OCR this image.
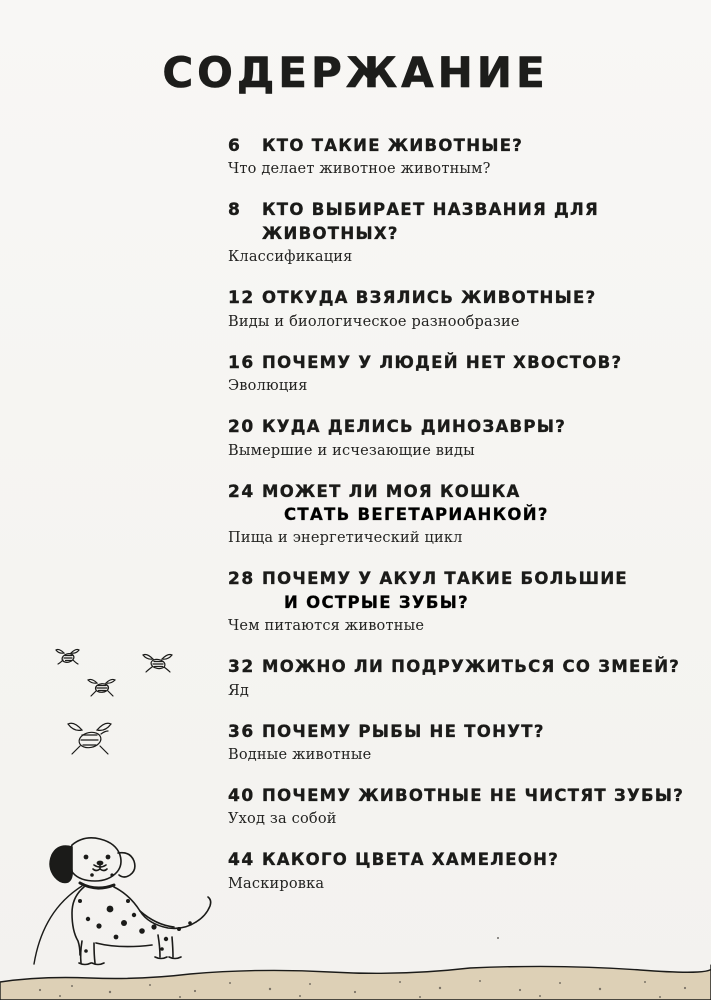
СОДЕРЖАНИЕ
6	КТО ТАКИЕ ЖИВОТНЫЕ?
Что делает животное животным?
8	КТО ВЫБИРАЕТ НАЗВАНИЯ ДЛЯ ЖИВОТНЫХ?
Классификация
12 ОТКУДА ВЗЯЛИСЬ ЖИВОТНЫЕ?
Виды и биологическое разнообразие
16 ПОЧЕМУ У ЛЮДЕЙ НЕТ ХВОСТОВ?
Эволюция
20 КУДА ДЕЛИСЬ ДИНОЗАВРЫ?
Вымершие и исчезающие виды
24 МОЖЕТ ЛИ МОЯ КОШКА
СТАТЬ ВЕГЕТАРИАНКОЙ?
Пища и энергетический цикл
28 ПОЧЕМУ У АКУЛ ТАКИЕ БОЛЬШИЕ
И ОСТРЫЕ ЗУБЫ?
Чем питаются животные
32 МОЖНО ЛИ ПОДРУЖИТЬСЯ СО ЗМЕЕЙ?
Яд
36 ПОЧЕМУ РЫБЫ НЕ ТОНУТ?
Водные животные
40 ПОЧЕМУ ЖИВОТНЫЕ НЕ ЧИСТЯТ ЗУБЫ?
Уход за собой
44 КАКОГО ЦВЕТА ХАМЕЛЕОН?
Маскировка
